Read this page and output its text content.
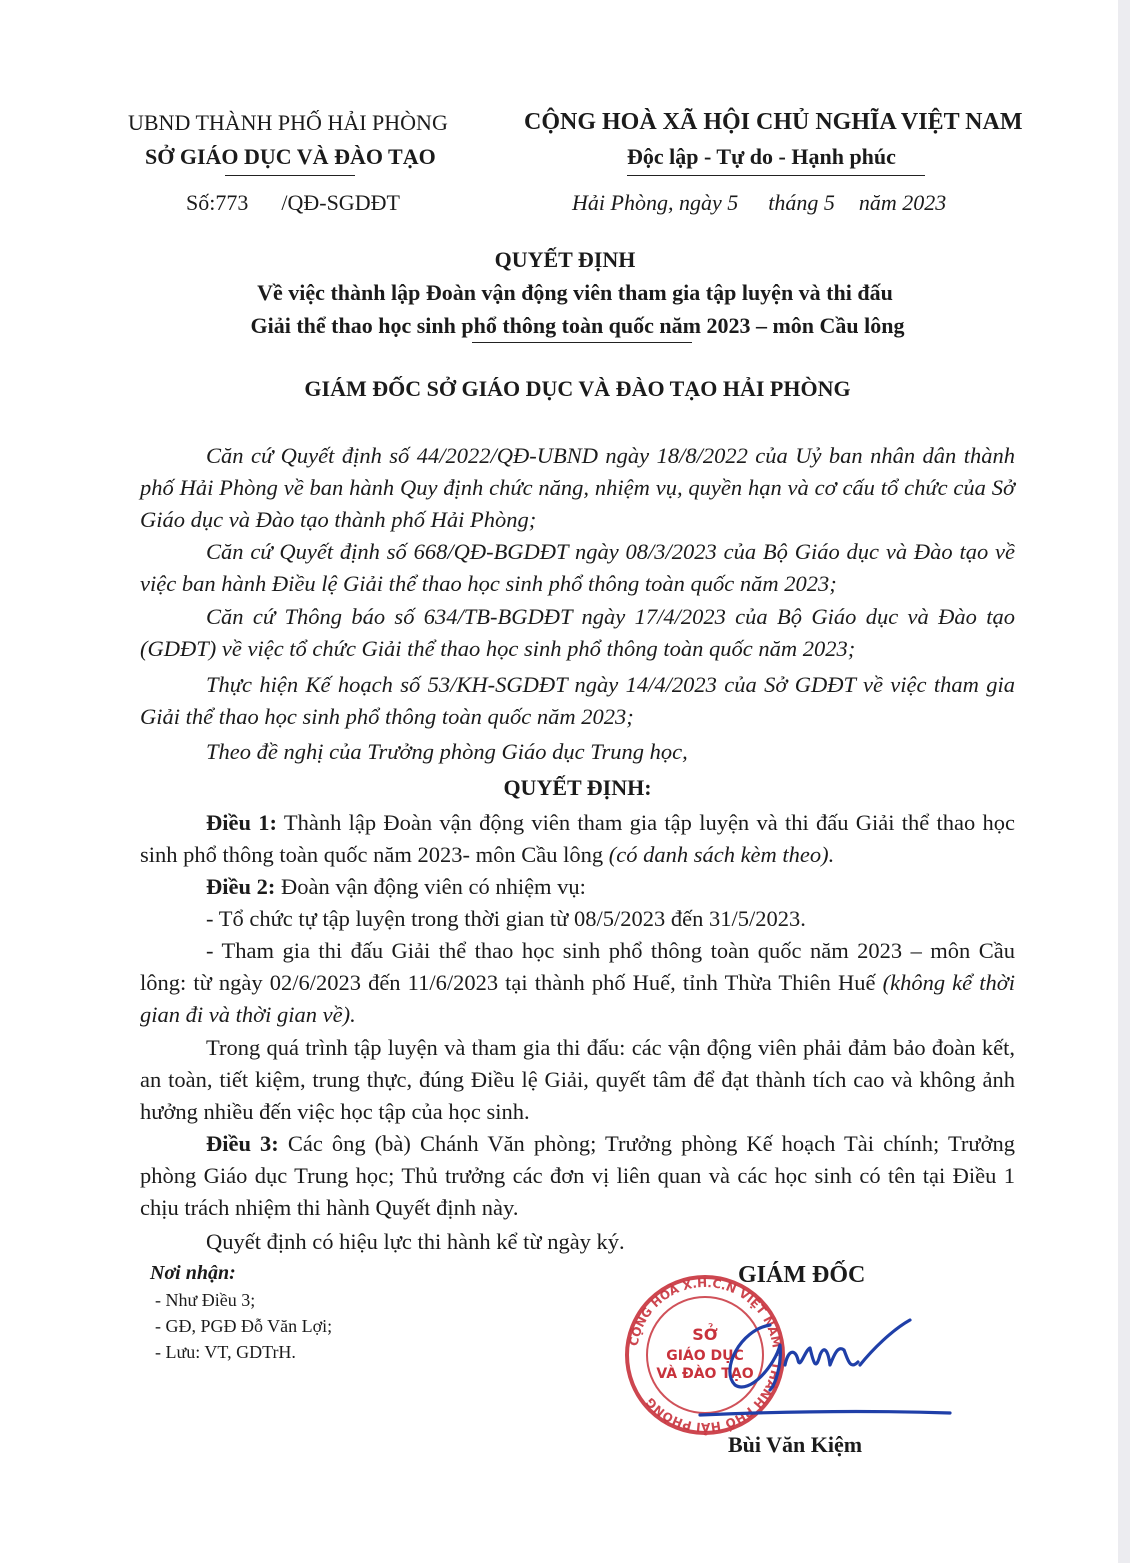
UBND THÀNH PHỐ HẢI PHÒNG
SỞ GIÁO DỤC VÀ ĐÀO TẠO
Số:773 /QĐ-SGDĐT
CỘNG HOÀ XÃ HỘI CHỦ NGHĨA VIỆT NAM
Độc lập - Tự do - Hạnh phúc
Hải Phòng, ngày 5 tháng 5 năm 2023
QUYẾT ĐỊNH
Về việc thành lập Đoàn vận động viên tham gia tập luyện và thi đấu
Giải thể thao học sinh phổ thông toàn quốc năm 2023 – môn Cầu lông
GIÁM ĐỐC SỞ GIÁO DỤC VÀ ĐÀO TẠO HẢI PHÒNG
Căn cứ Quyết định số 44/2022/QĐ-UBND ngày 18/8/2022 của Uỷ ban nhân dân thành phố Hải Phòng về ban hành Quy định chức năng, nhiệm vụ, quyền hạn và cơ cấu tổ chức của Sở Giáo dục và Đào tạo thành phố Hải Phòng;
Căn cứ Quyết định số 668/QĐ-BGDĐT ngày 08/3/2023 của Bộ Giáo dục và Đào tạo về việc ban hành Điều lệ Giải thể thao học sinh phổ thông toàn quốc năm 2023;
Căn cứ Thông báo số 634/TB-BGDĐT ngày 17/4/2023 của Bộ Giáo dục và Đào tạo (GDĐT) về việc tổ chức Giải thể thao học sinh phổ thông toàn quốc năm 2023;
Thực hiện Kế hoạch số 53/KH-SGDĐT ngày 14/4/2023 của Sở GDĐT về việc tham gia Giải thể thao học sinh phổ thông toàn quốc năm 2023;
Theo đề nghị của Trưởng phòng Giáo dục Trung học,
QUYẾT ĐỊNH:
Điều 1: Thành lập Đoàn vận động viên tham gia tập luyện và thi đấu Giải thể thao học sinh phổ thông toàn quốc năm 2023- môn Cầu lông (có danh sách kèm theo).
Điều 2: Đoàn vận động viên có nhiệm vụ:
- Tổ chức tự tập luyện trong thời gian từ 08/5/2023 đến 31/5/2023.
- Tham gia thi đấu Giải thể thao học sinh phổ thông toàn quốc năm 2023 – môn Cầu lông: từ ngày 02/6/2023 đến 11/6/2023 tại thành phố Huế, tỉnh Thừa Thiên Huế (không kể thời gian đi và thời gian về).
Trong quá trình tập luyện và tham gia thi đấu: các vận động viên phải đảm bảo đoàn kết, an toàn, tiết kiệm, trung thực, đúng Điều lệ Giải, quyết tâm để đạt thành tích cao và không ảnh hưởng nhiều đến việc học tập của học sinh.
Điều 3: Các ông (bà) Chánh Văn phòng; Trưởng phòng Kế hoạch Tài chính; Trưởng phòng Giáo dục Trung học; Thủ trưởng các đơn vị liên quan và các học sinh có tên tại Điều 1 chịu trách nhiệm thi hành Quyết định này.
Quyết định có hiệu lực thi hành kể từ ngày ký.
Nơi nhận:
- Như Điều 3;
- GĐ, PGĐ Đỗ Văn Lợi;
- Lưu: VT, GDTrH.
GIÁM ĐỐC
CỘNG HOÀ X.H.C.N VIỆT NAM · THÀNH PHỐ HẢI PHÒNG
SỞ
GIÁO DỤC
VÀ ĐÀO TẠO
Bùi Văn Kiệm
